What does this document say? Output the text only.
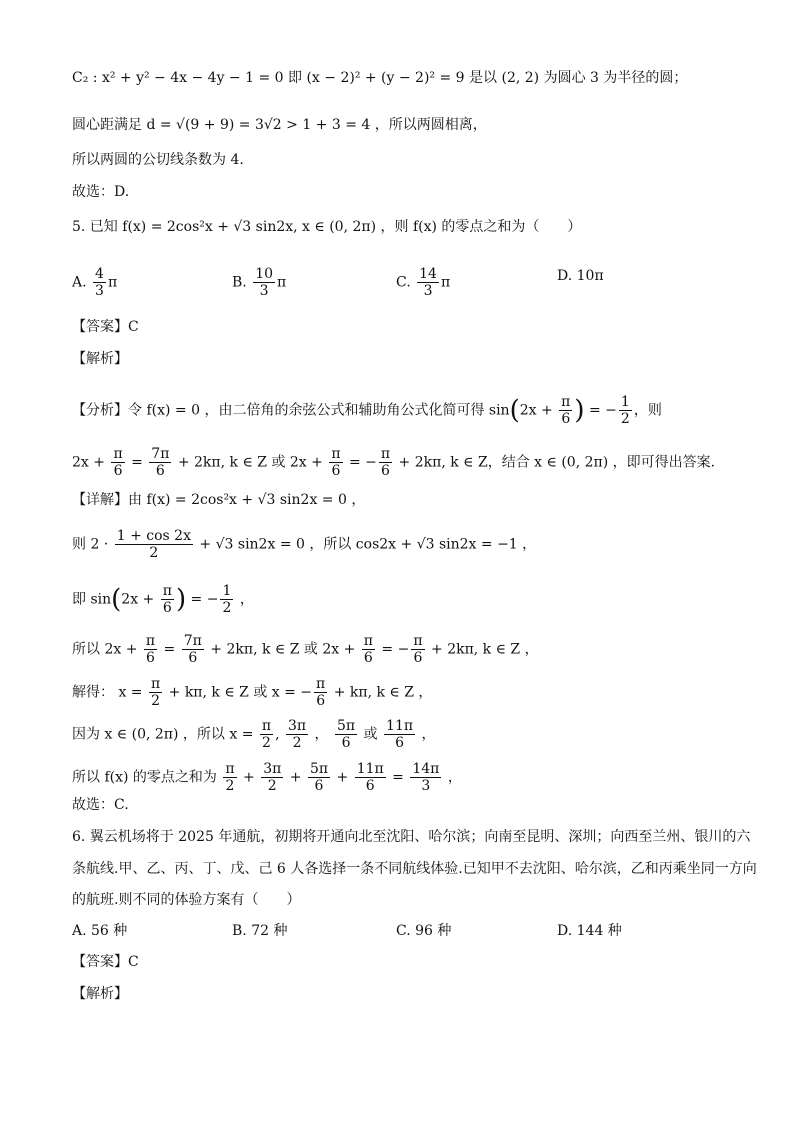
C₂ : x² + y² − 4x − 4y − 1 = 0 即 (x − 2)² + (y − 2)² = 9 是以 (2, 2) 为圆心 3 为半径的圆；
圆心距满足 d = √(9 + 9) = 3√2 > 1 + 3 = 4 ，所以两圆相离，
所以两圆的公切线条数为 4.
故选：D.
5. 已知 f(x) = 2cos²x + √3 sin2x, x ∈ (0, 2π) ，则 f(x) 的零点之和为（　　）
A. $\frac{4}{3}$ π	B. $\frac{10}{3}$ π	C. $\frac{14}{3}$ π	D. 10π
【答案】C
【解析】
【分析】令 f(x) = 0 ，由二倍角的余弦公式和辅助角公式化简可得 $\sin(2x + \frac{\pi}{6}$ ) = − $\frac{1}{2}$ ，则
$2x + \frac{\pi}{6} = \frac{7\pi}{6} + 2k\pi$, k ∈ Z 或 $2x + \frac{\pi}{6}$ = − $\frac{\pi}{6} + 2k\pi$, k ∈ Z，结合 x ∈ (0, 2π) ，即可得出答案.
【详解】由 f(x) = 2cos²x + √3 sin2x = 0 ，
则 $2 \cdot \frac{1 + \cos 2x}{2} + √3$ sin2x = 0 ，所以 cos2x + √3 sin2x = −1 ，
即 $\sin(2x + \frac{\pi}{6}$ ) = − $\frac{1}{2}$ ，
所以 $2x + \frac{\pi}{6} = \frac{7\pi}{6} + 2k\pi$, k ∈ Z 或 $2x + \frac{\pi}{6}$ = − $\frac{\pi}{6} + 2k\pi$, k ∈ Z ，
解得： $x = \frac{\pi}{2} + k\pi$, k ∈ Z 或 x = − $\frac{\pi}{6} + k\pi$, k ∈ Z ，
因为 x ∈ (0, 2π) ，所以 $x = \frac{\pi}{2}$ , $\frac{3\pi}{2}$ ， $\frac{5\pi}{6}$ 或 $\frac{11\pi}{6}$ ，
所以 f(x) 的零点之和为 $\frac{\pi}{2} + \frac{3\pi}{2} + \frac{5\pi}{6} + \frac{11\pi}{6} = \frac{14\pi}{3}$ ，
故选：C.
6. 翼云机场将于 2025 年通航，初期将开通向北至沈阳、哈尔滨；向南至昆明、深圳；向西至兰州、银川的六
条航线.甲、乙、丙、丁、戊、己 6 人各选择一条不同航线体验.已知甲不去沈阳、哈尔滨，乙和丙乘坐同一方向
的航班.则不同的体验方案有（　　）
A. 56 种	B. 72 种	C. 96 种	D. 144 种
【答案】C
【解析】
